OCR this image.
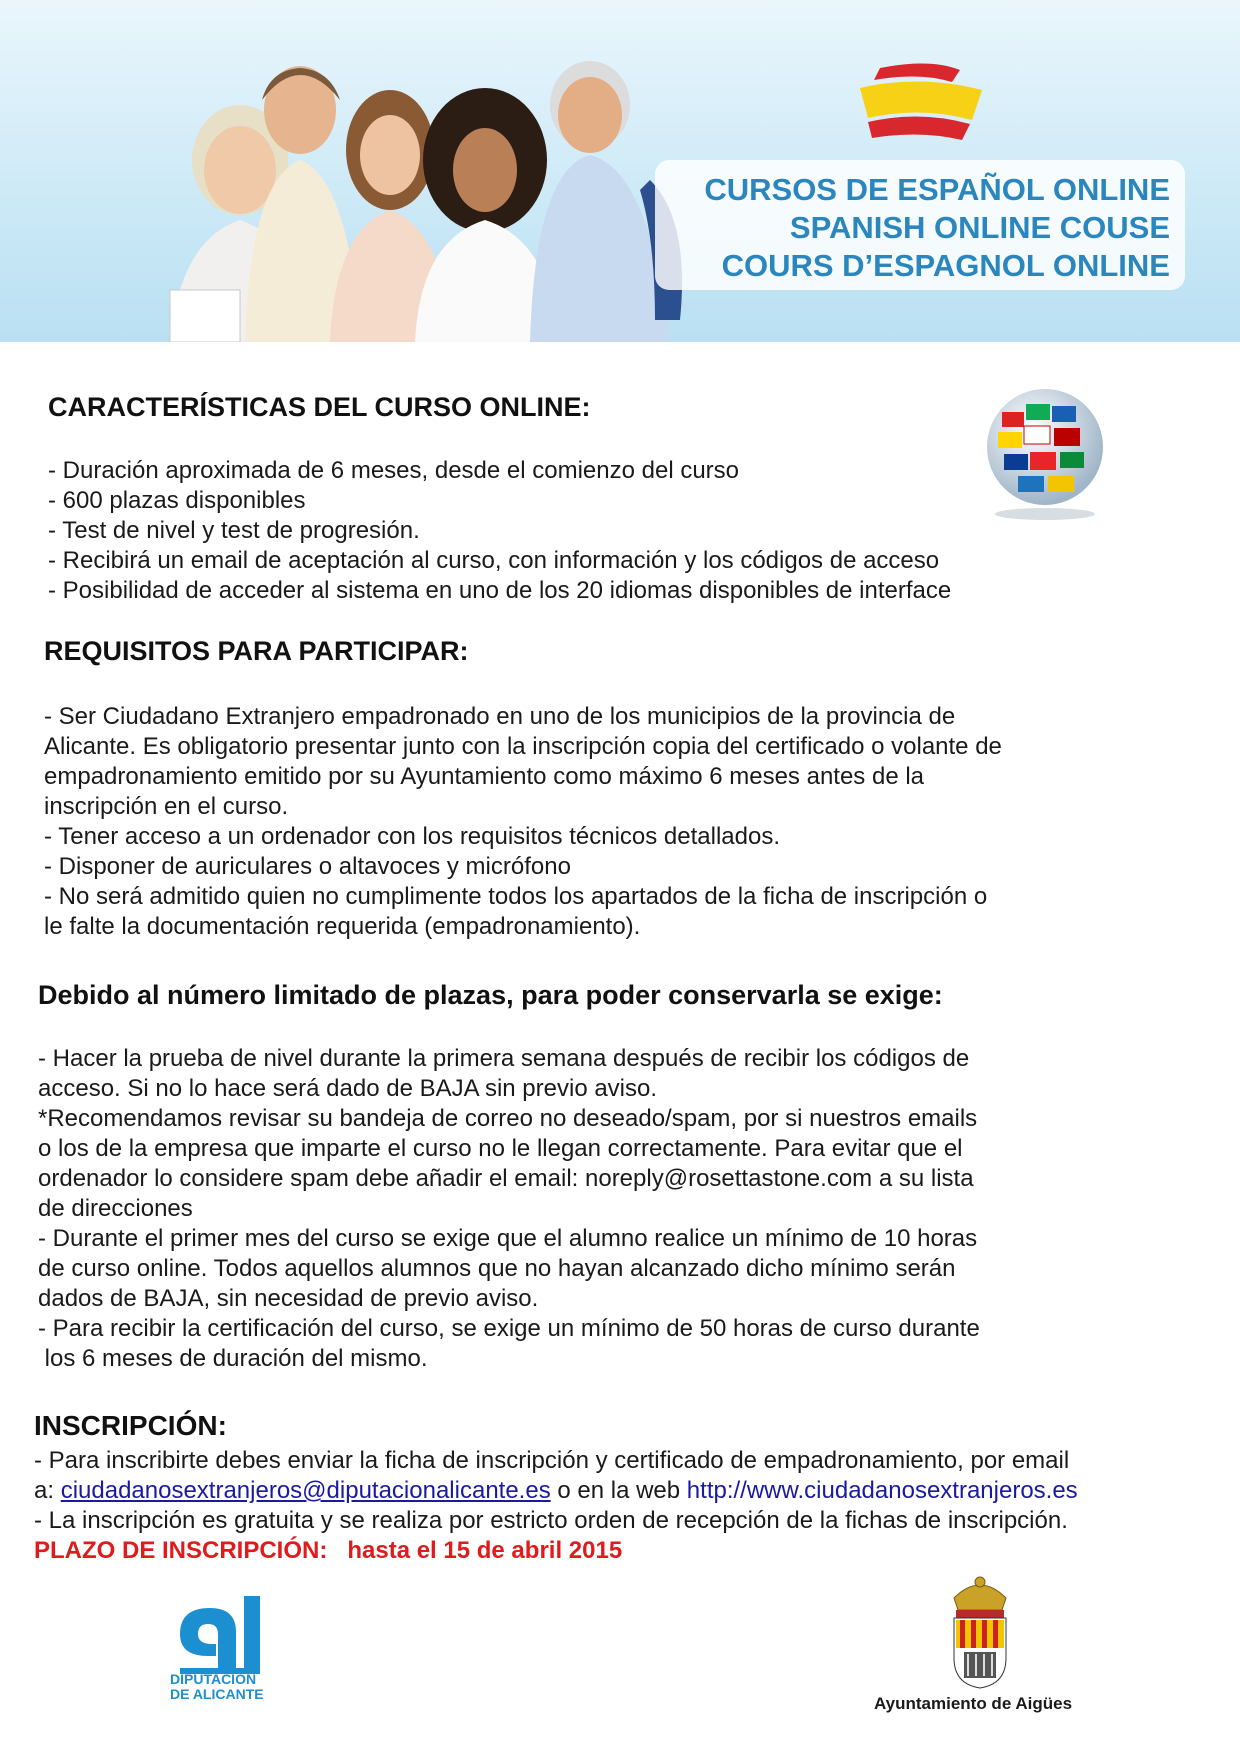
CURSOS DE ESPAÑOL ONLINE
SPANISH ONLINE COUSE
COURS D’ESPAGNOL ONLINE
CARACTERÍSTICAS DEL CURSO ONLINE:
- Duración aproximada de 6 meses, desde el comienzo del curso
- 600 plazas disponibles
- Test de nivel y test de progresión.
- Recibirá un email de aceptación al curso, con información y los códigos de acceso
- Posibilidad de acceder al sistema en uno de los 20 idiomas disponibles de interface
REQUISITOS PARA PARTICIPAR:
- Ser Ciudadano Extranjero empadronado en uno de los municipios de la provincia de
Alicante. Es obligatorio presentar junto con la inscripción copia del certificado o volante de
empadronamiento emitido por su Ayuntamiento como máximo 6 meses antes de la
inscripción en el curso.
- Tener acceso a un ordenador con los requisitos técnicos detallados.
- Disponer de auriculares o altavoces y micrófono
- No será admitido quien no cumplimente todos los apartados de la ficha de inscripción o
le falte la documentación requerida (empadronamiento).
Debido al número limitado de plazas, para poder conservarla se exige:
- Hacer la prueba de nivel durante la primera semana después de recibir los códigos de
acceso. Si no lo hace será dado de BAJA sin previo aviso.
*Recomendamos revisar su bandeja de correo no deseado/spam, por si nuestros emails
o los de la empresa que imparte el curso no le llegan correctamente. Para evitar que el
ordenador lo considere spam debe añadir el email: noreply@rosettastone.com a su lista
de direcciones
- Durante el primer mes del curso se exige que el alumno realice un mínimo de 10 horas
de curso online. Todos aquellos alumnos que no hayan alcanzado dicho mínimo serán
dados de BAJA, sin necesidad de previo aviso.
- Para recibir la certificación del curso, se exige un mínimo de 50 horas de curso durante
los 6 meses de duración del mismo.
INSCRIPCIÓN:
- Para inscribirte debes enviar la ficha de inscripción y certificado de empadronamiento, por email
a: ciudadanosextranjeros@diputacionalicante.es o en la web http://www.ciudadanosextranjeros.es
- La inscripción es gratuita y se realiza por estricto orden de recepción de la fichas de inscripción.
PLAZO DE INSCRIPCIÓN:   hasta el 15 de abril 2015
DIPUTACIÓN
DE ALICANTE	Ayuntamiento de Aigües
